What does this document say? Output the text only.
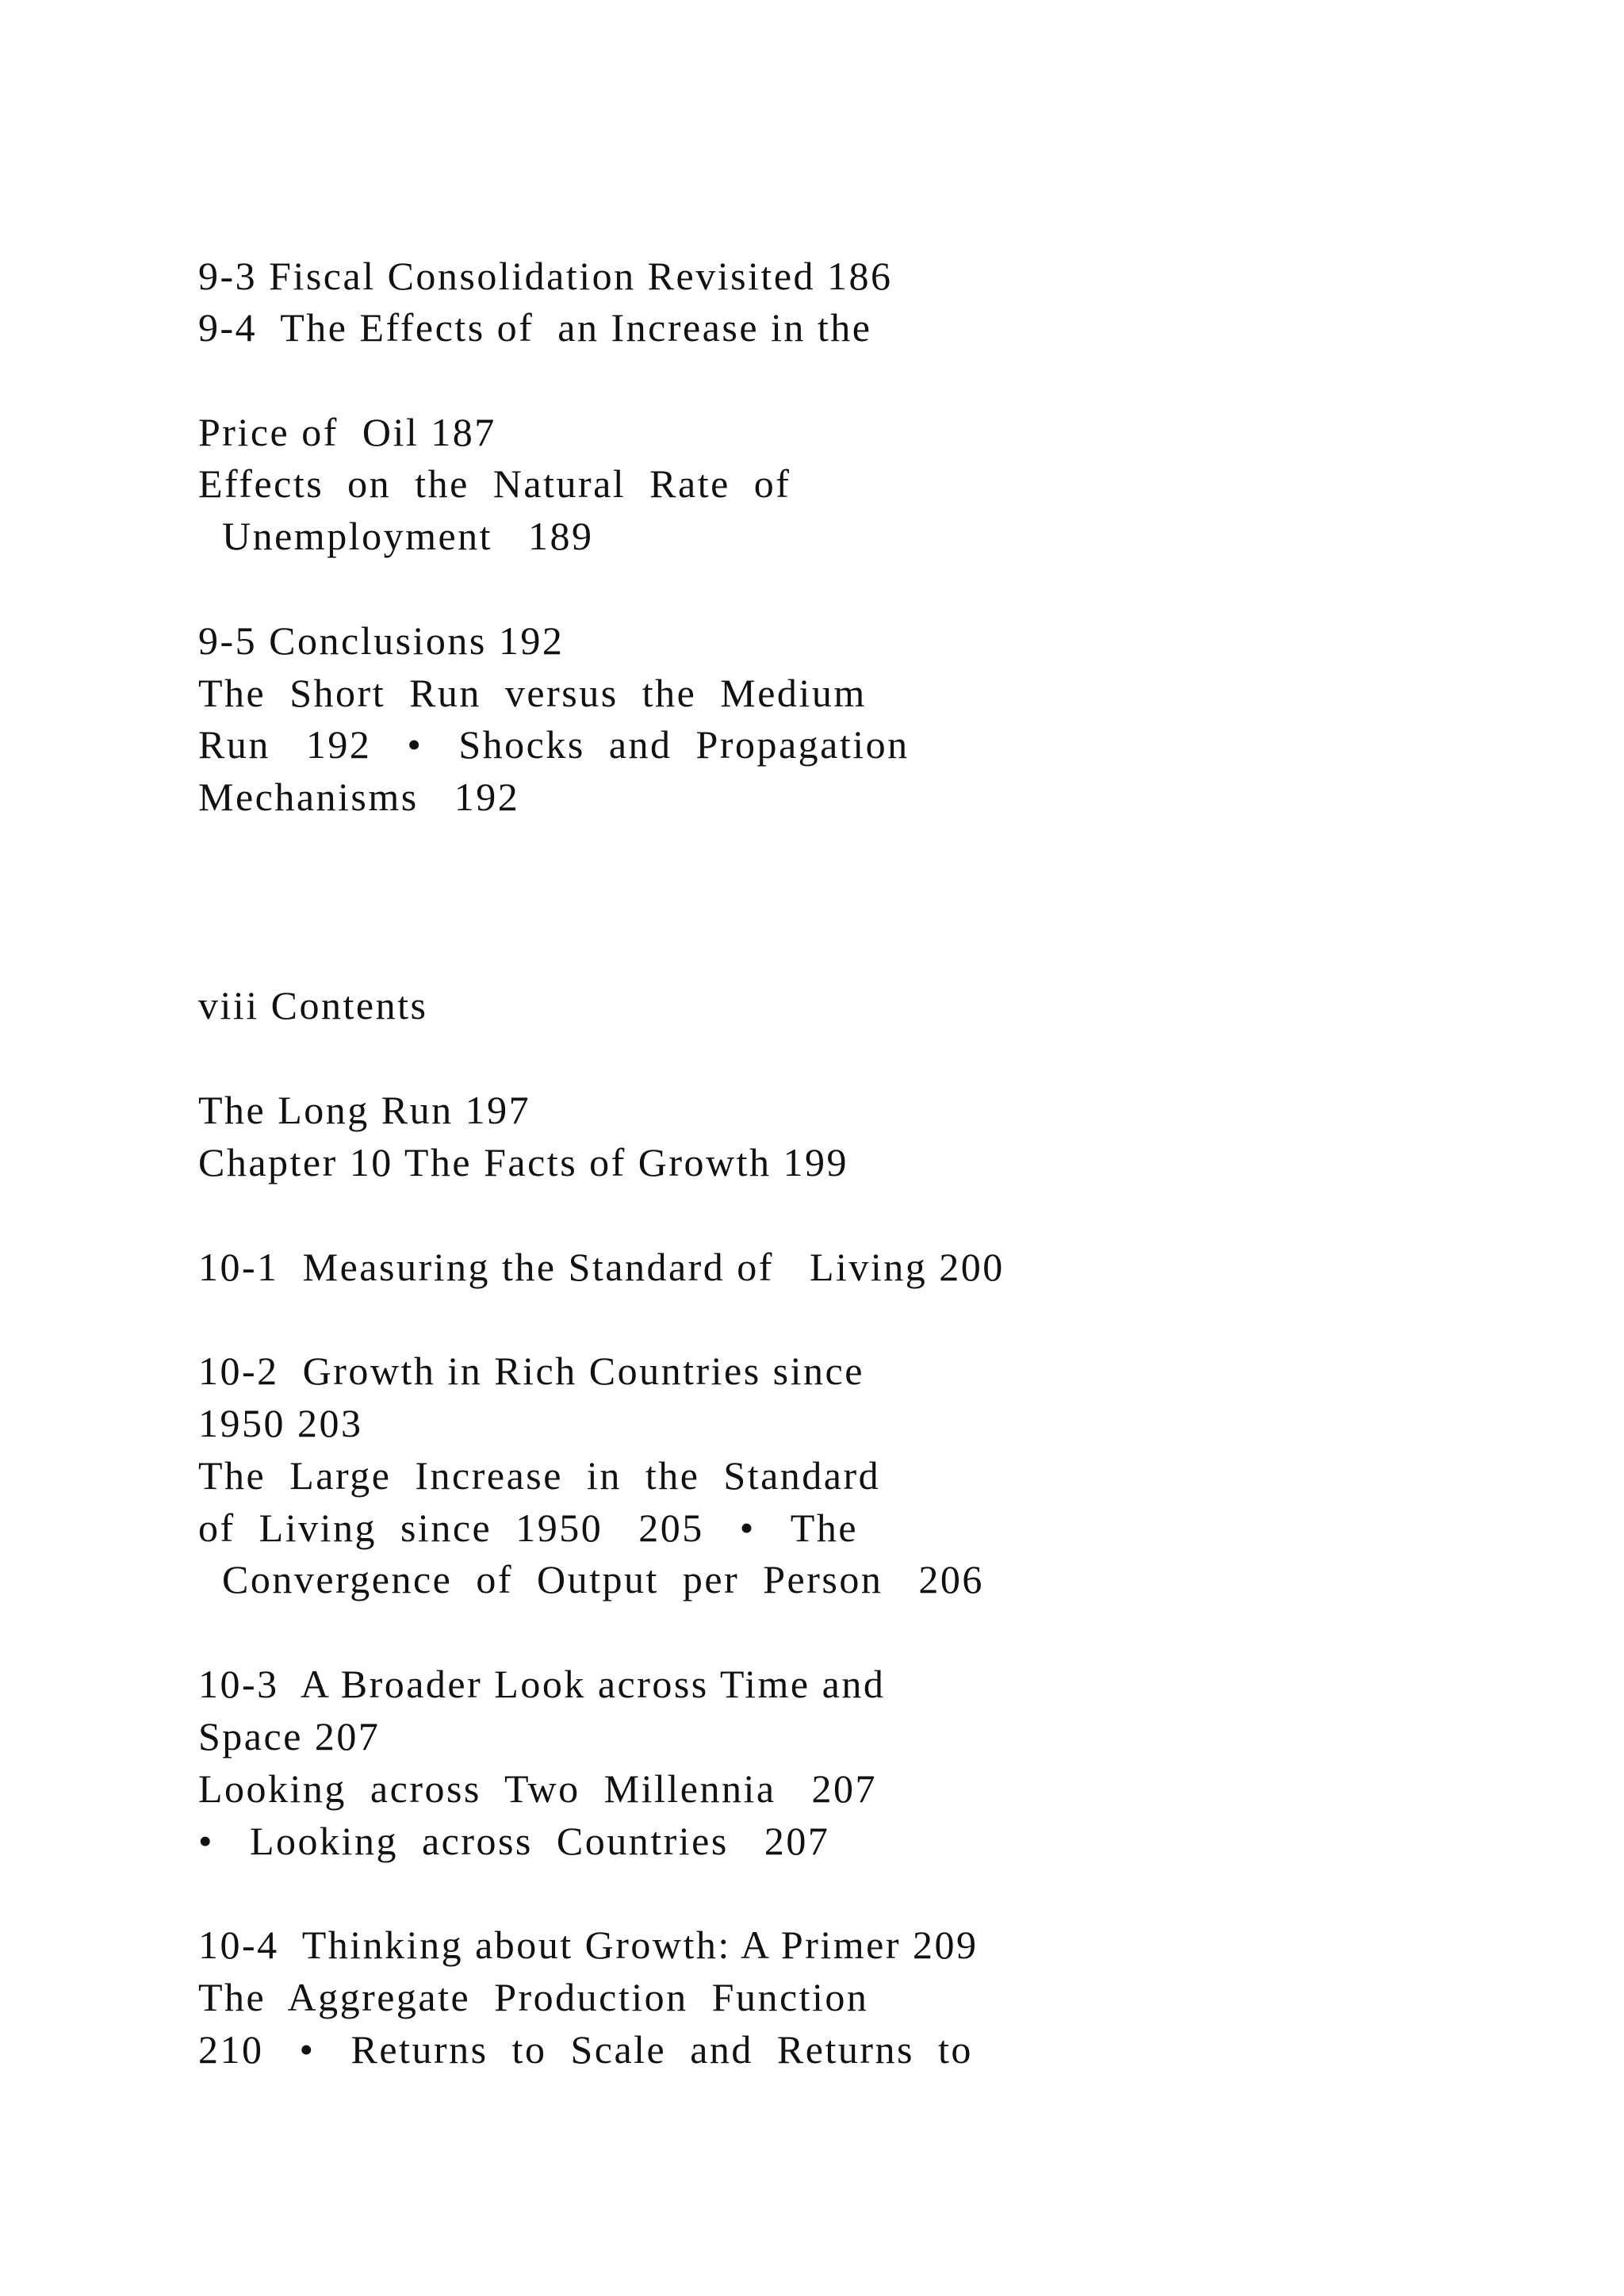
9-3 Fiscal Consolidation Revisited 186

9-4  The Effects of  an Increase in the

Price of  Oil 187

Effects  on  the  Natural  Rate  of

Unemployment   189

9-5 Conclusions 192

The  Short  Run  versus  the  Medium

Run   192   •   Shocks  and  Propagation

Mechanisms   192

viii Contents

The Long Run 197

Chapter 10 The Facts of Growth 199

10-1  Measuring the Standard of   Living 200

10-2  Growth in Rich Countries since

1950 203

The  Large  Increase  in  the  Standard

of  Living  since  1950   205   •   The

Convergence  of  Output  per  Person   206

10-3  A Broader Look across Time and

Space 207

Looking  across  Two  Millennia   207

•   Looking  across  Countries   207

10-4  Thinking about Growth: A Primer 209

The  Aggregate  Production  Function

210   •   Returns  to  Scale  and  Returns  to
